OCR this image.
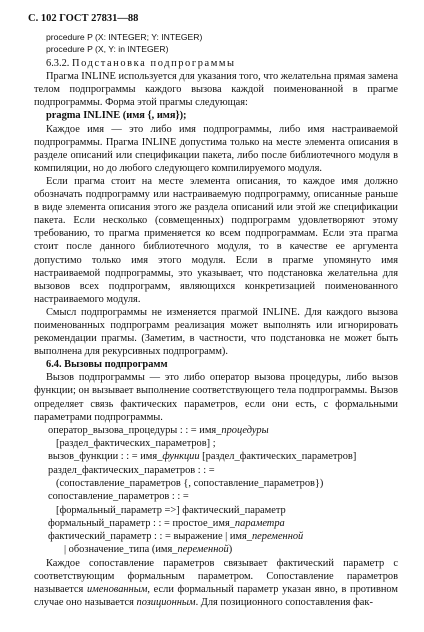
С. 102 ГОСТ 27831—88
procedure P (X: INTEGER; Y: INTEGER)
procedure P (X, Y: in INTEGER)
6.3.2. Подстановка подпрограммы

Прагма INLINE используется для указания того, что желательна прямая замена телом подпрограммы каждого вызова каждой поименованной в прагме подпрограммы. Форма этой прагмы следующая:

pragma INLINE (имя {, имя});

Каждое имя — это либо имя подпрограммы, либо имя настраиваемой подпрограммы. Прагма INLINE допустима только на месте элемента описания в разделе описаний или спецификации пакета, либо после библиотечного модуля в компиляции, но до любого следующего компилируемого модуля.

Если прагма стоит на месте элемента описания, то каждое имя должно обозначать подпрограмму или настраиваемую подпрограмму, описанные раньше в виде элемента описания этого же раздела описаний или этой же спецификации пакета. Если несколько (совмещенных) подпрограмм удовлетворяют этому требованию, то прагма применяется ко всем подпрограммам. Если эта прагма стоит после данного библиотечного модуля, то в качестве ее аргумента допустимо только имя этого модуля. Если в прагме упомянуто имя настраиваемой подпрограммы, это указывает, что подстановка желательна для вызовов всех подпрограмм, являющихся конкретизацией поименованного настраиваемого модуля.

Смысл подпрограммы не изменяется прагмой INLINE. Для каждого вызова поименованных подпрограмм реализация может выполнять или игнорировать рекомендации прагмы. (Заметим, в частности, что подстановка не может быть выполнена для рекурсивных подпрограмм).

6.4. Вызовы подпрограмм

Вызов подпрограммы — это либо оператор вызова процедуры, либо вызов функции; он вызывает выполнение соответствующего тела подпрограммы. Вызов определяет связь фактических параметров, если они есть, с формальными параметрами подпрограммы.

оператор_вызова_процедуры : : = имя_процедуры
[раздел_фактических_параметров] ;
вызов_функции : : = имя_функции [раздел_фактических_параметров]
раздел_фактических_параметров : : =
(сопоставление_параметров {, сопоставление_параметров})
сопоставление_параметров : : =
[формальный_параметр =>] фактический_параметр
формальный_параметр : : = простое_имя_параметра
фактический_параметр : : = выражение | имя_переменной
| обозначение_типа (имя_переменной)

Каждое сопоставление параметров связывает фактический параметр с соответствующим формальным параметром. Сопоставление параметров называется именованным, если формальный параметр указан явно, в противном случае оно называется позиционным. Для позиционного сопоставления фак-
